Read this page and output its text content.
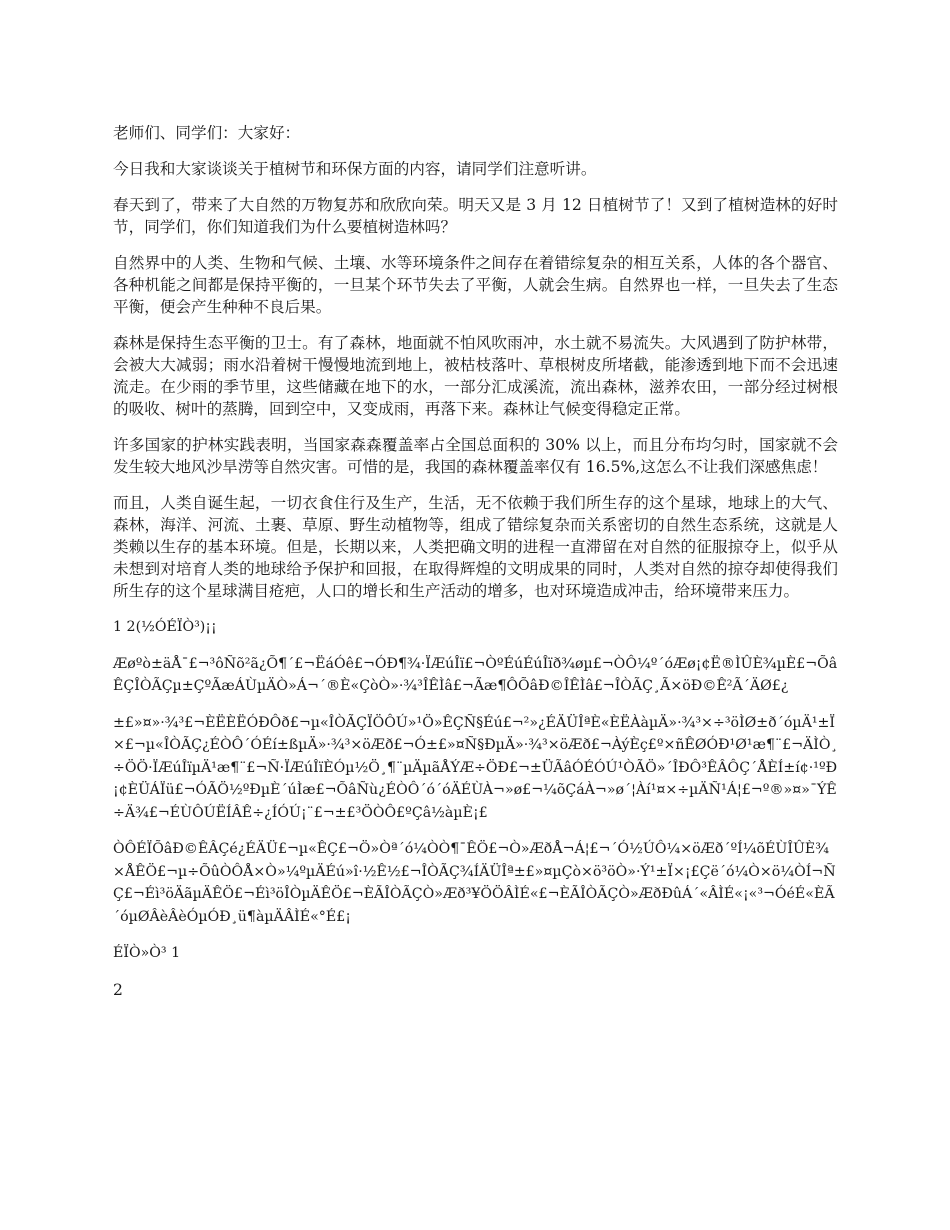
老师们、同学们：大家好：

今日我和大家谈谈关于植树节和环保方面的内容，请同学们注意听讲。

春天到了，带来了大自然的万物复苏和欣欣向荣。明天又是 3 月 12 日植树节了！又到了植树造林的好时节，同学们，你们知道我们为什么要植树造林吗？

自然界中的人类、生物和气候、土壤、水等环境条件之间存在着错综复杂的相互关系，人体的各个器官、各种机能之间都是保持平衡的，一旦某个环节失去了平衡，人就会生病。自然界也一样，一旦失去了生态平衡，便会产生种种不良后果。

森林是保持生态平衡的卫士。有了森林，地面就不怕风吹雨冲，水土就不易流失。大风遇到了防护林带，会被大大减弱；雨水沿着树干慢慢地流到地上，被枯枝落叶、草根树皮所堵截，能渗透到地下而不会迅速流走。在少雨的季节里，这些储藏在地下的水，一部分汇成溪流，流出森林，滋养农田，一部分经过树根的吸收、树叶的蒸腾，回到空中，又变成雨，再落下来。森林让气候变得稳定正常。

许多国家的护林实践表明，当国家森森覆盖率占全国总面积的 30% 以上，而且分布均匀时，国家就不会发生较大地风沙旱涝等自然灾害。可惜的是，我国的森林覆盖率仅有 16.5%,这怎么不让我们深感焦虑！

而且，人类自诞生起，一切衣食住行及生产，生活，无不依赖于我们所生存的这个星球，地球上的大气、森林，海洋、河流、土裹、草原、野生动植物等，组成了错综复杂而关系密切的自然生态系统，这就是人类赖以生存的基本环境。但是，长期以来，人类把确文明的进程一直滞留在对自然的征服掠夺上，似乎从未想到对培育人类的地球给予保护和回报，在取得辉煌的文明成果的同时，人类对自然的掠夺却使得我们所生存的这个星球满目疮疤，人口的增长和生产活动的增多，也对环境造成冲击，给环境带来压力。

1 2(½ÓÉÏÒ³)¡¡

Æøºò±äÅ¯£¬³ôÑõ²ã¿Õ¶´£¬ËáÓê£¬ÓÐ¶¾·ÏÆúÎï£¬ÒºÉúÉúÎïð¾øµ£¬ÒÔ¼º´óÆø¡¢Ë®ÌÛÈ¾µÈ£¬ÕâÊÇÎÒÃÇµ±ÇºÃæÁÙµÄÒ»Á¬´®È«ÇòÒ»·¾³ÎÊÌâ£¬Ãæ¶ÔÕâÐ©ÎÊÌâ£¬ÎÒÃÇ¸Ã×öÐ©Ê²Ã´ÄØ£¿

±£»¤»·¾³£¬ÈËÈËÓÐÔð£¬µ«ÎÒÃÇÏÖÔÚ»¹Ö»ÊÇÑ§Éú£¬²»¿ÉÄÜÎªÈ«ÈËÀàµÄ»·¾³×÷³öÌØ±ð´óµÄ¹±Ï×£¬µ«ÎÒÃÇ¿ÉÒÔ´ÓÉí±ßµÄ»·¾³×öÆð£¬Ó±£»¤Ñ§ÐµÄ»·¾³×öÆð£¬ÀýÈç£º×ñÊØÓÐ¹Ø¹æ¶¨£¬ÄÌÒ¸÷ÖÖ·ÏÆúÎïµÄ¹æ¶¨£¬Ñ·ÏÆúÎïÈÓµ½Ö¸¶¨µÄµãÅÝÆ÷ÖÐ£¬±ÜÃâÓÉÓÚ¹ÒÃÖ»´ÎÐÔ³ÊÂÔÇ´ÅÈÍ±í¢·¹ºÐ¡¢ÈÜÁÏü£¬ÓÃÖ½ºÐµÈ´úÌæ£¬ÕâÑù¿ÉÒÔ´ó´óÄÉÙÀ¬»ø£¬¼õÇáÀ¬»ø´¦Àí¹¤×÷µÄÑ¹Á¦£¬º®»¤»¯ÝÊ÷Ä¾£¬ÉÙÔÚËÍÂÊ÷¿ÍÓÚ¡¨£¬±£³ÖÒÔ£ºÇâ½àµÈ¡£

ÒÔÉÏÕâÐ©ÊÂÇé¿ÉÄÜ£¬µ«ÊÇ£¬Ö»Òª´ó¼ÒÒ¶¯ÊÖ£¬Ò»ÆðÅ¬Á¦£¬´Ó½ÚÔ¼×öÆð´ºÍ¼õÉÙÎÛÈ¾×ÅÊÖ£¬µ÷ÕûÒÔÅ×Ò»¼ºµÄÉú»î·½Ê½£¬ÎÒÃÇ¾ÍÄÜÎª±£»¤µÇò×ö³öÒ»·Ý¹±Ï×¡£Çë´ó¼Ò×ö¼ÒÍ¬ÑÇ£¬Éì³öÄãµÄÊÖ£¬Éì³öÎÒµÄÊÖ£¬ÈÃÎÒÃÇÒ»Æð³¥ÖÖÂÌÉ«£¬ÈÃÎÒÃÇÒ»ÆðÐûÁ´«ÂÌÉ«¡«³¬ÓéÉ«ÈÃ´óµØÂèÂèÓµÓÐ¸ü¶àµÄÂÌÉ«°É£¡

ÉÏÒ»Ò³ 1

2
